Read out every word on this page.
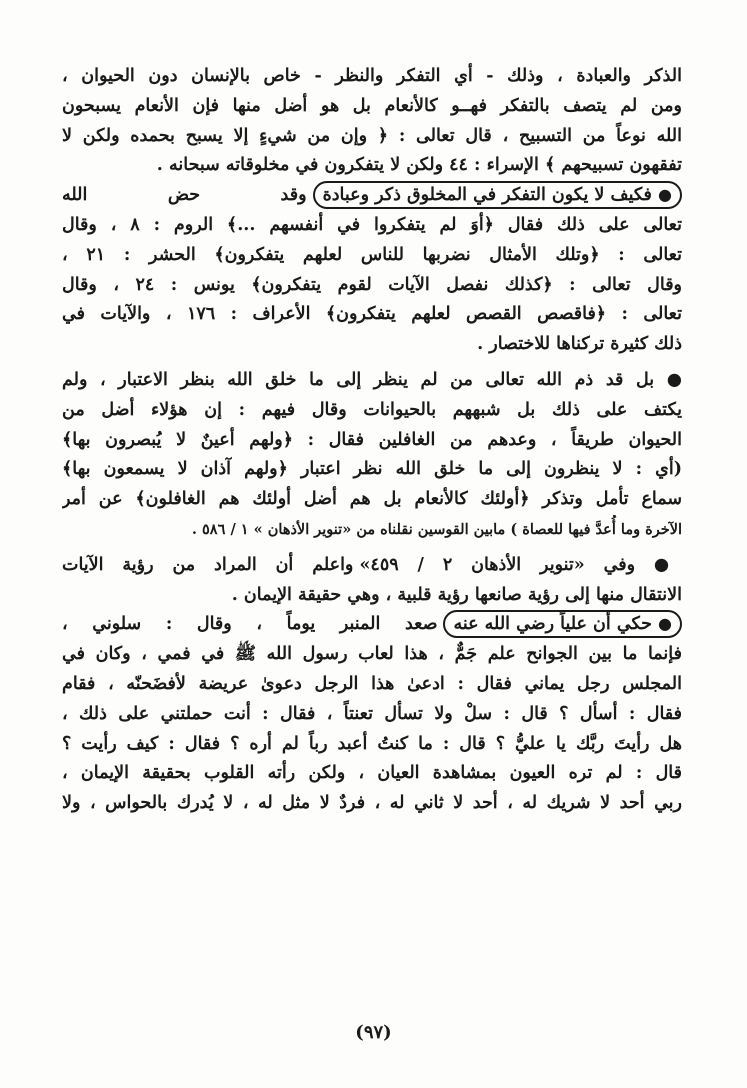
الذكر والعبادة ، وذلك - أي التفكر والنظر - خاص بالإنسان دون الحيوان ،
ومن لم يتصف بالتفكر فهــو كالأنعام بل هو أضل منها فإن الأنعام يسبحون
الله نوعاً من التسبيح ، قال تعالى : ﴿ وإن من شيءٍ إلا يسبح بحمده ولكن لا
تفقهون تسبيحهم ﴾ الإسراء : ٤٤ ولكن لا يتفكرون في مخلوقاته سبحانه .
● فكيف لا يكون التفكر في المخلوق ذكر وعبادةوقد حض الله
تعالى على ذلك فقال ﴿أوَ لم يتفكروا في أنفسهم ...﴾ الروم : ٨ ، وقال
تعالى : ﴿وتلك الأمثال نضربها للناس لعلهم يتفكرون﴾ الحشر : ٢١ ،
وقال تعالى : ﴿كذلك نفصل الآيات لقوم يتفكرون﴾ يونس : ٢٤ ، وقال
تعالى : ﴿فاقصص القصص لعلهم يتفكرون﴾ الأعراف : ١٧٦ ، والآيات في
ذلك كثيرة تركناها للاختصار .
● بل قد ذم الله تعالى من لم ينظر إلى ما خلق الله بنظر الاعتبار ، ولم
يكتف على ذلك بل شبههم بالحيوانات وقال فيهم : إن هؤلاء أضل من
الحيوان طريقاً ، وعدهم من الغافلين فقال : ﴿ولهم أعينٌ لا يُبصرون بها﴾
(أي : لا ينظرون إلى ما خلق الله نظر اعتبار ﴿ولهم آذان لا يسمعون بها﴾
سماع تأمل وتذكر ﴿أولئك كالأنعام بل هم أضل أولئك هم الغافلون﴾ عن أمر
الآخرة وما أُعدَّ فيها للعصاة ) مابين القوسين نقلناه من «تنوير الأذهان » ١ / ٥٨٦ .
● وفي «تنوير الأذهان ٢ / ٤٥٩» واعلم أن المراد من رؤية الآيات
الانتقال منها إلى رؤية صانعها رؤية قلبية ، وهي حقيقة الإيمان .
● حكي أن علياً رضي الله عنهصعد المنبر يوماً ، وقال : سلوني ،
فإنما ما بين الجوانح علم جَمٌّ ، هذا لعاب رسول الله ﷺ في فمي ، وكان في
المجلس رجل يماني فقال : ادعىٰ هذا الرجل دعوىٰ عريضة لأفضَحنّه ، فقام
فقال : أسأل ؟ قال : سلْ ولا تسأل تعنتاً ، فقال : أنت حملتني على ذلك ،
هل رأيتَ ربَّك يا عليُّ ؟ قال : ما كنتُ أعبد رباً لم أره ؟ فقال : كيف رأيت ؟
قال : لم تره العيون بمشاهدة العيان ، ولكن رأته القلوب بحقيقة الإيمان ،
ربي أحد لا شريك له ، أحد لا ثاني له ، فردٌ لا مثل له ، لا يُدرك بالحواس ، ولا
(٩٧)
